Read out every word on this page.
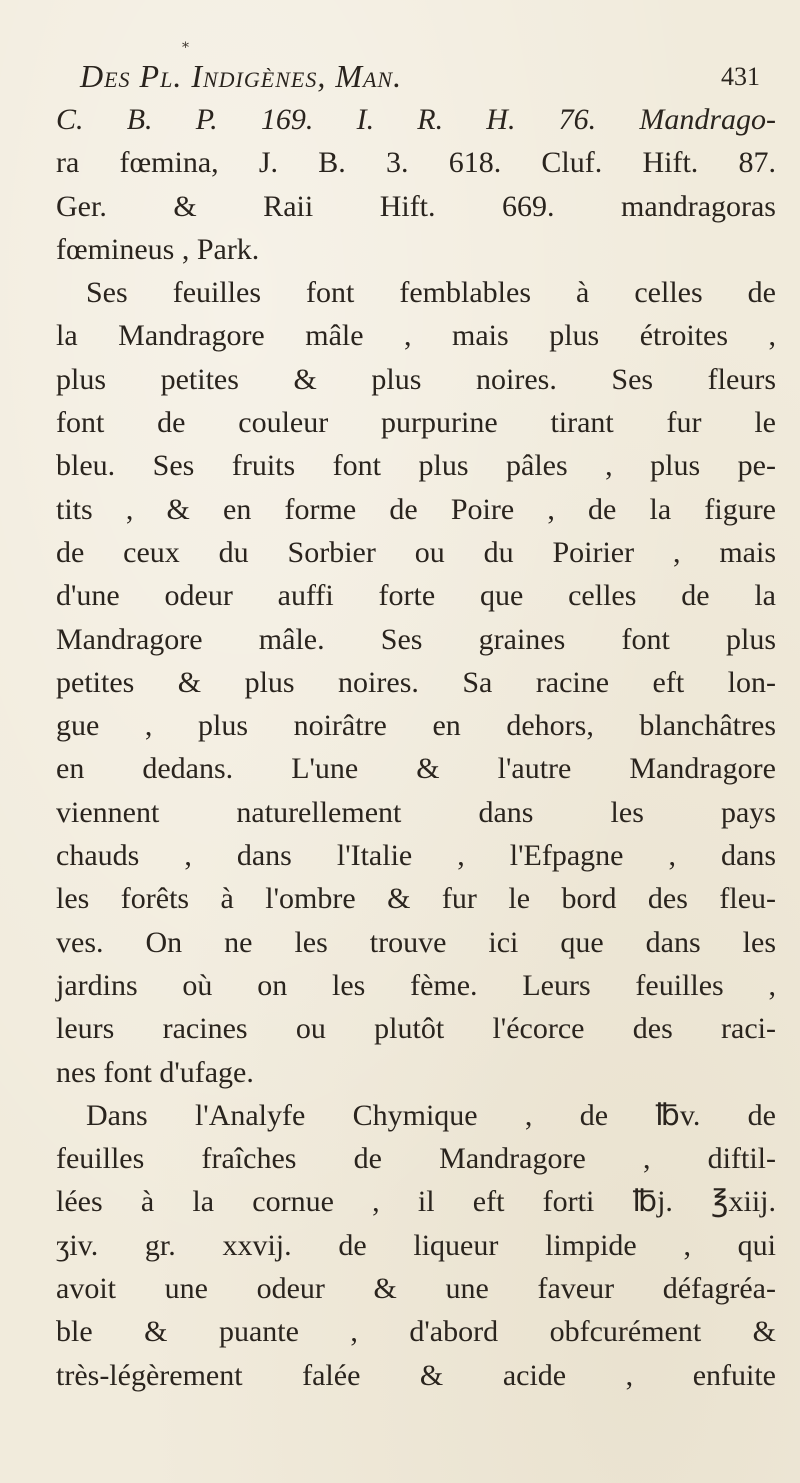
*
Des Pl. Indigènes, Man.	431
C. B. P. 169. I. R. H. 76. Mandrago-
ra fœmina, J. B. 3. 618. Cluf. Hift. 87.
Ger. & Raii Hift. 669. mandragoras
fœmineus , Park.
Ses feuilles font femblables à celles de
la Mandragore mâle , mais plus étroites ,
plus petites & plus noires. Ses fleurs
font de couleur purpurine tirant fur le
bleu. Ses fruits font plus pâles , plus pe-
tits , & en forme de Poire , de la figure
de ceux du Sorbier ou du Poirier , mais
d'une odeur auffi forte que celles de la
Mandragore mâle. Ses graines font plus
petites & plus noires. Sa racine eft lon-
gue , plus noirâtre en dehors, blanchâtres
en dedans. L'une & l'autre Mandragore
viennent naturellement dans les pays
chauds , dans l'Italie , l'Efpagne , dans
les forêts à l'ombre & fur le bord des fleu-
ves. On ne les trouve ici que dans les
jardins où on les fème. Leurs feuilles ,
leurs racines ou plutôt l'écorce des raci-
nes font d'ufage.
Dans l'Analyfe Chymique , de ℔v. de
feuilles fraîches de Mandragore , diftil-
lées à la cornue , il eft forti ℔j. ℥xiij.
ʒiv. gr. xxvij. de liqueur limpide , qui
avoit une odeur & une faveur défagréa-
ble & puante , d'abord obfcurément &
très-légèrement falée & acide , enfuite
